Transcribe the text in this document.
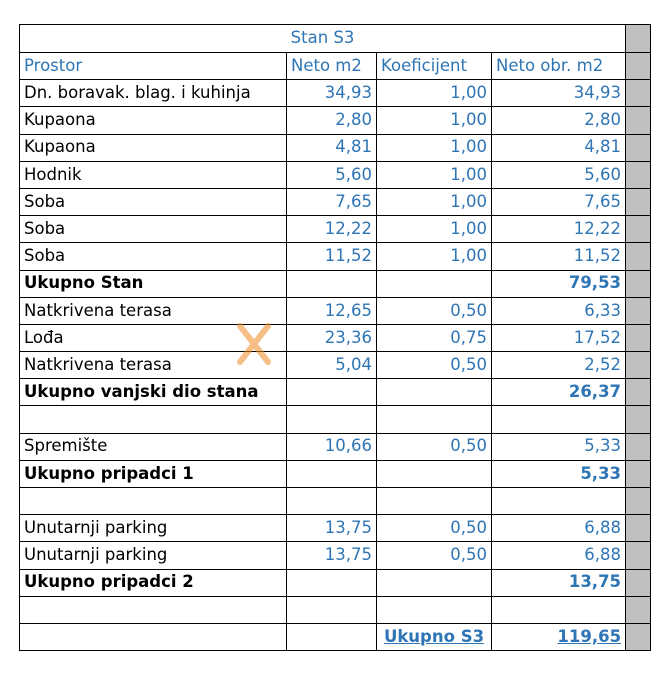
Stan S3				
Prostor	Neto m2	Koeficijent	Neto obr. m2	
Dn. boravak. blag. i kuhinja	34,93	1,00	34,93	
Kupaona	2,80	1,00	2,80	
Kupaona	4,81	1,00	4,81	
Hodnik	5,60	1,00	5,60	
Soba	7,65	1,00	7,65	
Soba	12,22	1,00	12,22	
Soba	11,52	1,00	11,52	
Ukupno Stan			79,53	
Natkrivena terasa	12,65	0,50	6,33	
Lođa	23,36	0,75	17,52	
Natkrivena terasa	5,04	0,50	2,52	
Ukupno vanjski dio stana			26,37	

Spremište	10,66	0,50	5,33	
Ukupno pripadci 1			5,33	

Unutarnji parking	13,75	0,50	6,88	
Unutarnji parking	13,75	0,50	6,88	
Ukupno pripadci 2			13,75	

		Ukupno S3	119,65	
